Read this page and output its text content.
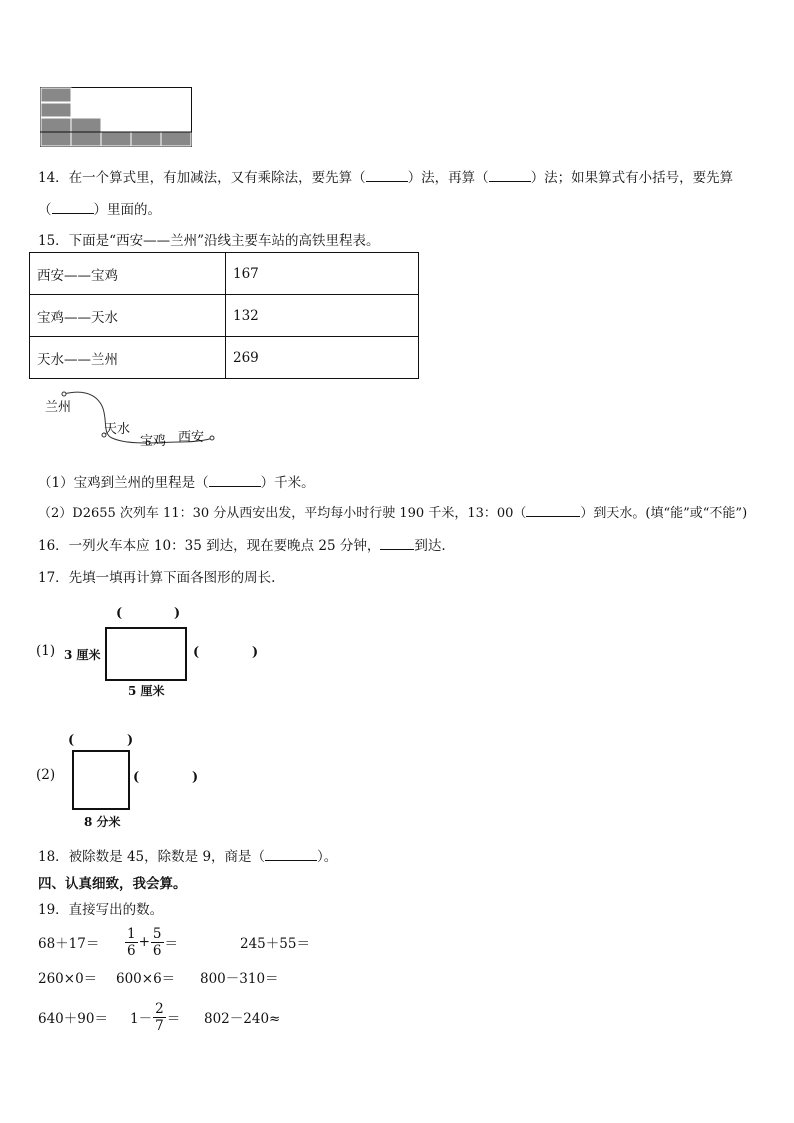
14．在一个算式里，有加减法，又有乘除法，要先算（	）法，再算（	）法；如果算式有小括号，要先算
（	）里面的。
15．下面是“西安——兰州”沿线主要车站的高铁里程表。
西安——宝鸡	167
宝鸡——天水	132
天水——兰州	269
兰州
天水
宝鸡 西安
（1）宝鸡到兰州的里程是（	）千米。
（2）D2655 次列车 11：30 分从西安出发，平均每小时行驶 190 千米，13：00（	）到天水。(填“能”或“不能”)
16．一列火车本应 10：35 到达，现在要晚点 25 分钟，	到达.
17．先填一填再计算下面各图形的周长.
(1)
(	)
3 厘米	(	)
5 厘米
(2)
(	)
(	)
8 分米
18．被除数是 45，除数是 9，商是（	）。
四、认真细致，我会算。
19．直接写出的数。
68＋17＝	$\frac{1}{6} + \frac{5}{6}$ ＝	245＋55＝
260×0＝	600×6＝	800－310＝
640＋90＝	$1- \frac{2}{7} = 802-240\approx$
